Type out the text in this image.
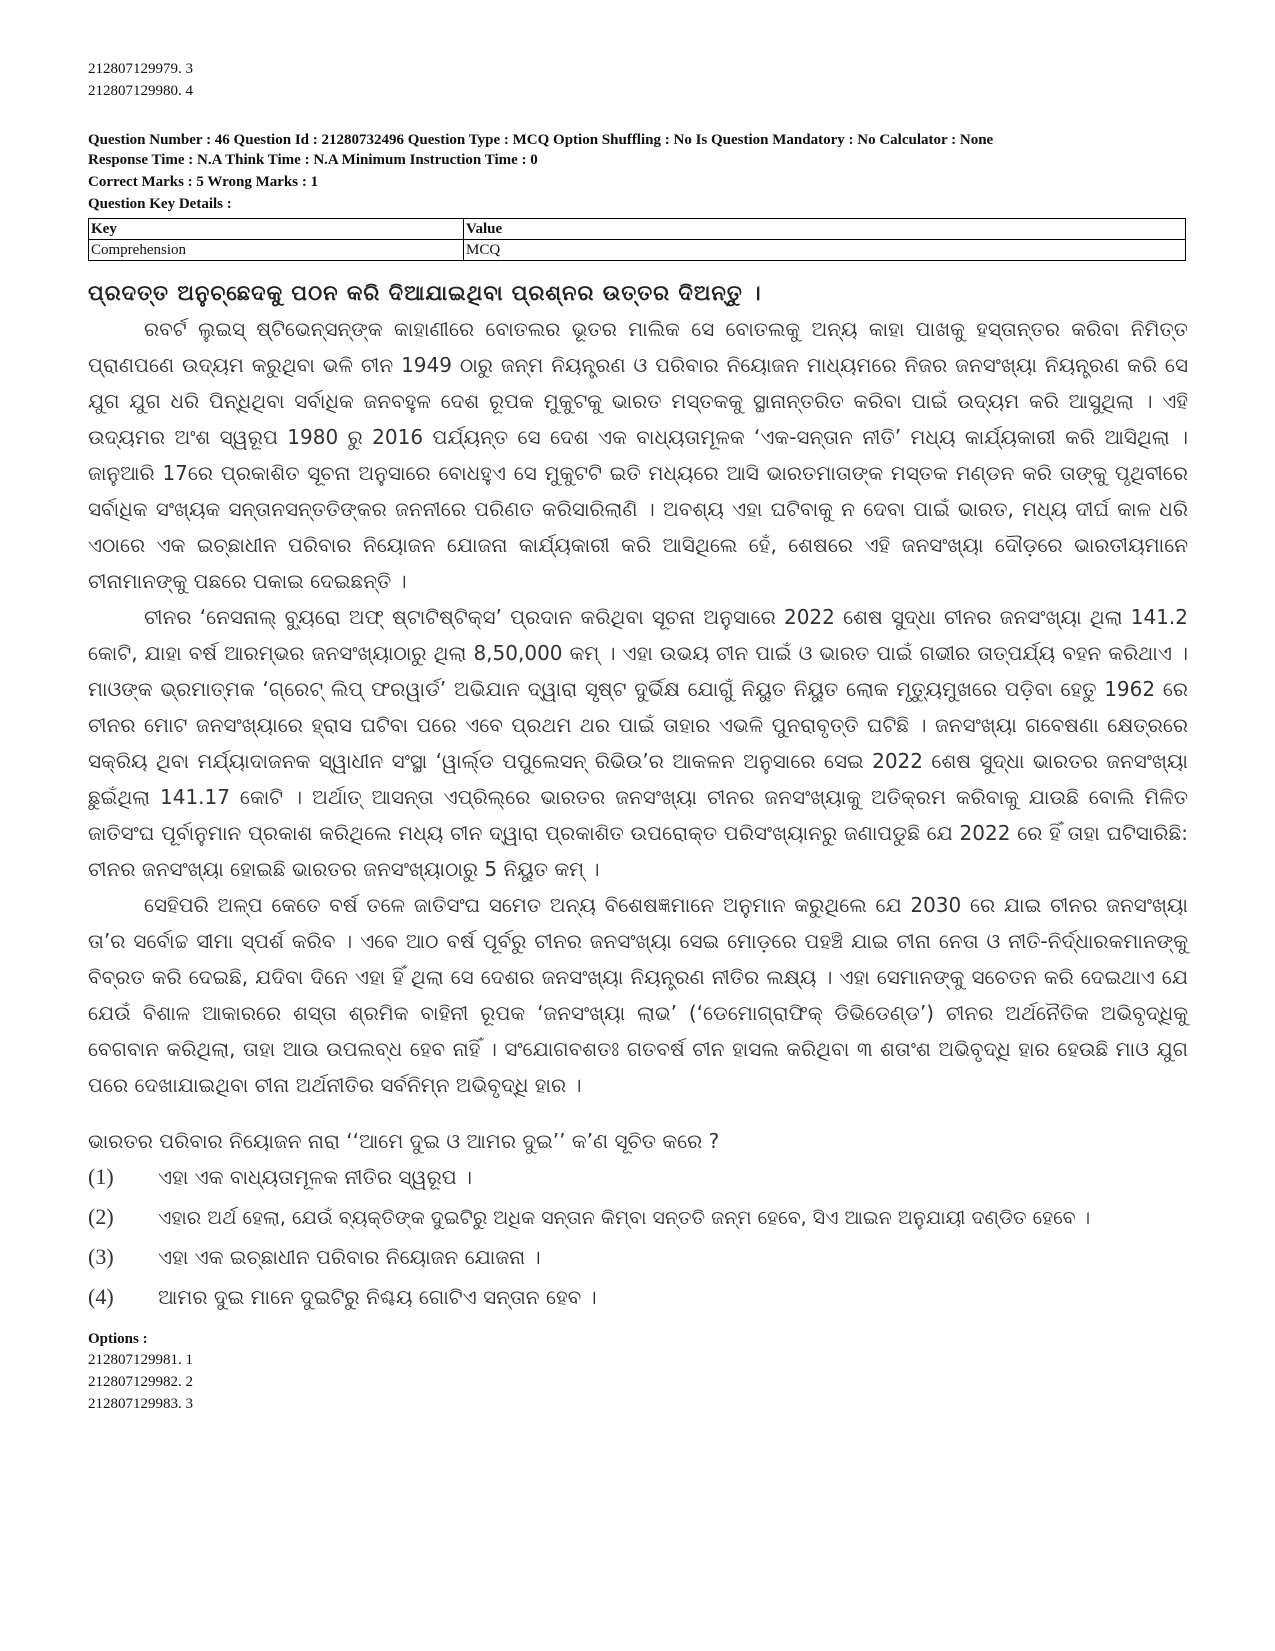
212807129979. 3
212807129980. 4
Question Number : 46 Question Id : 21280732496 Question Type : MCQ Option Shuffling : No Is Question Mandatory : No Calculator : None
Response Time : N.A Think Time : N.A Minimum Instruction Time : 0
Correct Marks : 5 Wrong Marks : 1
Question Key Details :
Key	Value
Comprehension	MCQ
ପ୍ରଦତ୍ତ ଅନୁଚ୍ଛେଦକୁ ପଠନ କରି ଦିଆଯାଇଥିବା ପ୍ରଶ୍ନର ଉତ୍ତର ଦିଅନ୍ତୁ ।

ରବର୍ଟ ଲୁଇସ୍ ଷ୍ଟିଭେନ୍‌ସନ୍‌ଙ୍କ କାହାଣୀରେ ବୋତଲର ଭୂତର ମାଲିକ ସେ ବୋତଲକୁ ଅନ୍ୟ କାହା ପାଖକୁ ହସ୍ତାନ୍ତର କରିବା ନିମିତ୍ତ ପ୍ରାଣପଣେ ଉଦ୍ୟମ କରୁଥିବା ଭଳି ଚୀନ 1949 ଠାରୁ ଜନ୍ମ ନିୟନ୍ତ୍ରଣ ଓ ପରିବାର ନିୟୋଜନ ମାଧ୍ୟମରେ ନିଜର ଜନସଂଖ୍ୟା ନିୟନ୍ତ୍ରଣ କରି ସେ ଯୁଗ ଯୁଗ ଧରି ପିନ୍ଧିଥିବା ସର୍ବାଧିକ ଜନବହୁଳ ଦେଶ ରୂପକ ମୁକୁଟକୁ ଭାରତ ମସ୍ତକକୁ ସ୍ଥାନାନ୍ତରିତ କରିବା ପାଇଁ ଉଦ୍ୟମ କରି ଆସୁଥିଲା । ଏହି ଉଦ୍ୟମର ଅଂଶ ସ୍ୱରୂପ 1980 ରୁ 2016 ପର୍ଯ୍ୟନ୍ତ ସେ ଦେଶ ଏକ ବାଧ୍ୟତାମୂଳକ ‘ଏକ-ସନ୍ତାନ ନୀତି’ ମଧ୍ୟ କାର୍ଯ୍ୟକାରୀ କରି ଆସିଥିଲା । ଜାନୁଆରି 17ରେ ପ୍ରକାଶିତ ସୂଚନା ଅନୁସାରେ ବୋଧହୁଏ ସେ ମୁକୁଟଟି ଇତି ମଧ୍ୟରେ ଆସି ଭାରତମାତାଙ୍କ ମସ୍ତକ ମଣ୍ଡନ କରି ତାଙ୍କୁ ପୃଥିବୀରେ ସର୍ବାଧିକ ସଂଖ୍ୟକ ସନ୍ତାନସନ୍ତତିଙ୍କର ଜନନୀରେ ପରିଣତ କରିସାରିଲାଣି । ଅବଶ୍ୟ ଏହା ଘଟିବାକୁ ନ ଦେବା ପାଇଁ ଭାରତ, ମଧ୍ୟ ଦୀର୍ଘ କାଳ ଧରି ଏଠାରେ ଏକ ଇଚ୍ଛାଧୀନ ପରିବାର ନିୟୋଜନ ଯୋଜନା କାର୍ଯ୍ୟକାରୀ କରି ଆସିଥିଲେ ହେଁ, ଶେଷରେ ଏହି ଜନସଂଖ୍ୟା ଦୌଡ଼ରେ ଭାରତୀୟମାନେ ଚୀନାମାନଙ୍କୁ ପଛରେ ପକାଇ ଦେଇଛନ୍ତି ।

ଚୀନର ‘ନେସନାଲ୍ ବ୍ୟୁରୋ ଅଫ୍ ଷ୍ଟାଟିଷ୍ଟିକ୍‌ସ’ ପ୍ରଦାନ କରିଥିବା ସୂଚନା ଅନୁସାରେ 2022 ଶେଷ ସୁଦ୍ଧା ଚୀନର ଜନସଂଖ୍ୟା ଥିଲା 141.2 କୋଟି, ଯାହା ବର୍ଷ ଆରମ୍ଭର ଜନସଂଖ୍ୟାଠାରୁ ଥିଲା 8,50,000 କମ୍ । ଏହା ଉଭୟ ଚୀନ ପାଇଁ ଓ ଭାରତ ପାଇଁ ଗଭୀର ତାତ୍ପର୍ଯ୍ୟ ବହନ କରିଥାଏ । ମାଓଙ୍କ ଭ୍ରମାତ୍ମକ ‘ଗ୍ରେଟ୍ ଲିପ୍ ଫରୱାର୍ଡ’ ଅଭିଯାନ ଦ୍ୱାରା ସୃଷ୍ଟ ଦୁର୍ଭିକ୍ଷ ଯୋଗୁଁ ନିୟୁତ ନିୟୁତ ଲୋକ ମୃତ୍ୟୁମୁଖରେ ପଡ଼ିବା ହେତୁ 1962 ରେ ଚୀନର ମୋଟ ଜନସଂଖ୍ୟାରେ ହ୍ରାସ ଘଟିବା ପରେ ଏବେ ପ୍ରଥମ ଥର ପାଇଁ ତାହାର ଏଭଳି ପୁନରାବୃତ୍ତି ଘଟିଛି । ଜନସଂଖ୍ୟା ଗବେଷଣା କ୍ଷେତ୍ରରେ ସକ୍ରିୟ ଥିବା ମର୍ଯ୍ୟାଦାଜନକ ସ୍ୱାଧୀନ ସଂସ୍ଥା ‘ୱାର୍ଲ୍ଡ ପପୁଲେସନ୍ ରିଭିଉ’ର ଆକଳନ ଅନୁସାରେ ସେଇ 2022 ଶେଷ ସୁଦ୍ଧା ଭାରତର ଜନସଂଖ୍ୟା ଛୁଇଁଥିଲା 141.17 କୋଟି । ଅର୍ଥାତ୍ ଆସନ୍ତା ଏପ୍ରିଲ୍‌ରେ ଭାରତର ଜନସଂଖ୍ୟା ଚୀନର ଜନସଂଖ୍ୟାକୁ ଅତିକ୍ରମ କରିବାକୁ ଯାଉଛି ବୋଲି ମିଳିତ ଜାତିସଂଘ ପୂର୍ବାନୁମାନ ପ୍ରକାଶ କରିଥିଲେ ମଧ୍ୟ ଚୀନ ଦ୍ୱାରା ପ୍ରକାଶିତ ଉପରୋକ୍ତ ପରିସଂଖ୍ୟାନରୁ ଜଣାପଡୁଛି ଯେ 2022 ରେ ହିଁ ତାହା ଘଟିସାରିଛି: ଚୀନର ଜନସଂଖ୍ୟା ହୋଇଛି ଭାରତର ଜନସଂଖ୍ୟାଠାରୁ 5 ନିୟୁତ କମ୍ ।

ସେହିପରି ଅଳ୍ପ କେତେ ବର୍ଷ ତଳେ ଜାତିସଂଘ ସମେତ ଅନ୍ୟ ବିଶେଷଜ୍ଞମାନେ ଅନୁମାନ କରୁଥିଲେ ଯେ 2030 ରେ ଯାଇ ଚୀନର ଜନସଂଖ୍ୟା ତା’ର ସର୍ବୋଚ୍ଚ ସୀମା ସ୍ପର୍ଶ କରିବ । ଏବେ ଆଠ ବର୍ଷ ପୂର୍ବରୁ ଚୀନର ଜନସଂଖ୍ୟା ସେଇ ମୋଡ଼ରେ ପହଞ୍ଚି ଯାଇ ଚୀନା ନେତା ଓ ନୀତି-ନିର୍ଦ୍ଧାରକମାନଙ୍କୁ ବିବ୍ରତ କରି ଦେଇଛି, ଯଦିବା ଦିନେ ଏହା ହିଁ ଥିଲା ସେ ଦେଶର ଜନସଂଖ୍ୟା ନିୟନ୍ତ୍ରଣ ନୀତିର ଲକ୍ଷ୍ୟ । ଏହା ସେମାନଙ୍କୁ ସଚେତନ କରି ଦେଇଥାଏ ଯେ ଯେଉଁ ବିଶାଳ ଆକାରରେ ଶସ୍ତା ଶ୍ରମିକ ବାହିନୀ ରୂପକ ‘ଜନସଂଖ୍ୟା ଲାଭ’ (‘ଡେମୋଗ୍ରାଫିକ୍ ଡିଭିଡେଣ୍ଡ’) ଚୀନର ଅର୍ଥନୈତିକ ଅଭିବୃଦ୍ଧିକୁ ବେଗବାନ କରିଥିଲା, ତାହା ଆଉ ଉପଲବ୍ଧ ହେବ ନାହିଁ । ସଂଯୋଗବଶତଃ ଗତବର୍ଷ ଚୀନ ହାସଲ କରିଥିବା ୩ ଶତାଂଶ ଅଭିବୃଦ୍ଧି ହାର ହେଉଛି ମାଓ ଯୁଗ ପରେ ଦେଖାଯାଇଥିବା ଚୀନା ଅର୍ଥନୀତିର ସର୍ବନିମ୍ନ ଅଭିବୃଦ୍ଧି ହାର ।

ଭାରତର ପରିବାର ନିୟୋଜନ ନାରା ‘‘ଆମେ ଦୁଇ ଓ ଆମର ଦୁଇ’’ କ’ଣ ସୂଚିତ କରେ ?
(1)	ଏହା ଏକ ବାଧ୍ୟତାମୂଳକ ନୀତିର ସ୍ୱରୂପ ।
(2)	ଏହାର ଅର୍ଥ ହେଲା, ଯେଉଁ ବ୍ୟକ୍ତିଙ୍କ ଦୁଇଟିରୁ ଅଧିକ ସନ୍ତାନ କିମ୍ବା ସନ୍ତତି ଜନ୍ମ ହେବେ, ସିଏ ଆଇନ ଅନୁଯାୟୀ ଦଣ୍ଡିତ ହେବେ ।
(3)	ଏହା ଏକ ଇଚ୍ଛାଧୀନ ପରିବାର ନିୟୋଜନ ଯୋଜନା ।
(4)	ଆମର ଦୁଇ ମାନେ ଦୁଇଟିରୁ ନିଶ୍ଚୟ ଗୋଟିଏ ସନ୍ତାନ ହେବ ।
Options :
212807129981. 1
212807129982. 2
212807129983. 3
